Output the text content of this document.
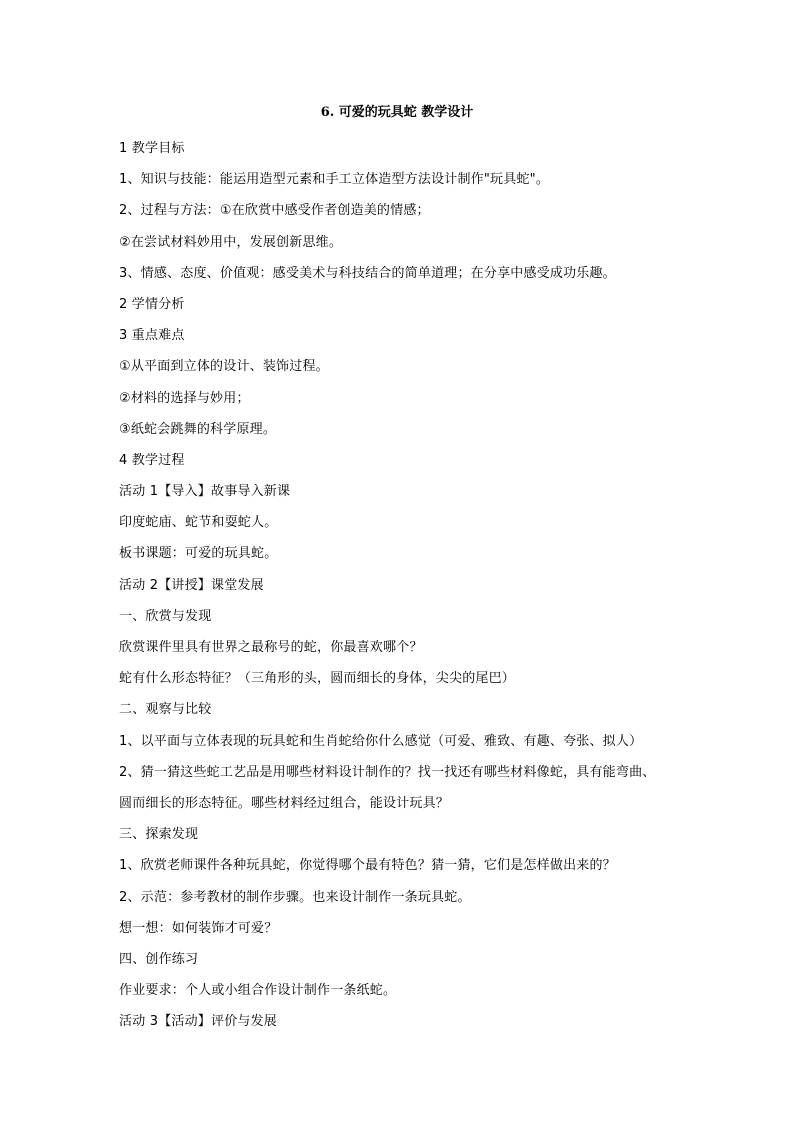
6. 可爱的玩具蛇 教学设计
1 教学目标
1、知识与技能：能运用造型元素和手工立体造型方法设计制作"玩具蛇"。
2、过程与方法：①在欣赏中感受作者创造美的情感；
②在尝试材料妙用中，发展创新思维。
3、情感、态度、价值观：感受美术与科技结合的简单道理；在分享中感受成功乐趣。
2 学情分析
3 重点难点
①从平面到立体的设计、装饰过程。
②材料的选择与妙用；
③纸蛇会跳舞的科学原理。
4 教学过程
活动 1【导入】故事导入新课
印度蛇庙、蛇节和耍蛇人。
板书课题：可爱的玩具蛇。
活动 2【讲授】课堂发展
一、欣赏与发现
欣赏课件里具有世界之最称号的蛇，你最喜欢哪个？
蛇有什么形态特征？（三角形的头，圆而细长的身体，尖尖的尾巴）
二、观察与比较
1、以平面与立体表现的玩具蛇和生肖蛇给你什么感觉（可爱、雅致、有趣、夸张、拟人）
2、猜一猜这些蛇工艺品是用哪些材料设计制作的？找一找还有哪些材料像蛇，具有能弯曲、
圆而细长的形态特征。哪些材料经过组合，能设计玩具？
三、探索发现
1、欣赏老师课件各种玩具蛇，你觉得哪个最有特色？猜一猜，它们是怎样做出来的？
2、示范：参考教材的制作步骤。也来设计制作一条玩具蛇。
想一想：如何装饰才可爱？
四、创作练习
作业要求：个人或小组合作设计制作一条纸蛇。
活动 3【活动】评价与发展
